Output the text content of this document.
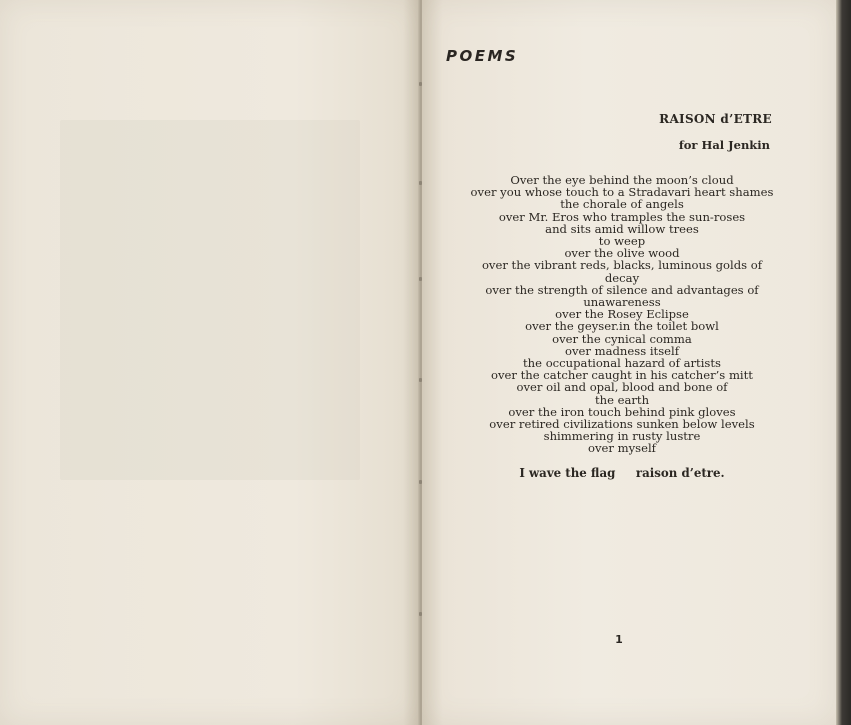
POEMS
RAISON d’ETRE
for Hal Jenkin
Over the eye behind the moon’s cloud
over you whose touch to a Stradavari heart shames
the chorale of angels
over Mr. Eros who tramples the sun-roses
and sits amid willow trees
to weep
over the olive wood
over the vibrant reds, blacks, luminous golds of
decay
over the strength of silence and advantages of
unawareness
over the Rosey Eclipse
over the geyser.in the toilet bowl
over the cynical comma
over madness itself
the occupational hazard of artists
over the catcher caught in his catcher’s mitt
over oil and opal, blood and bone of
the earth
over the iron touch behind pink gloves
over retired civilizations sunken below levels
shimmering in rusty lustre
over myself
I wave the flag     raison d’etre.
1
